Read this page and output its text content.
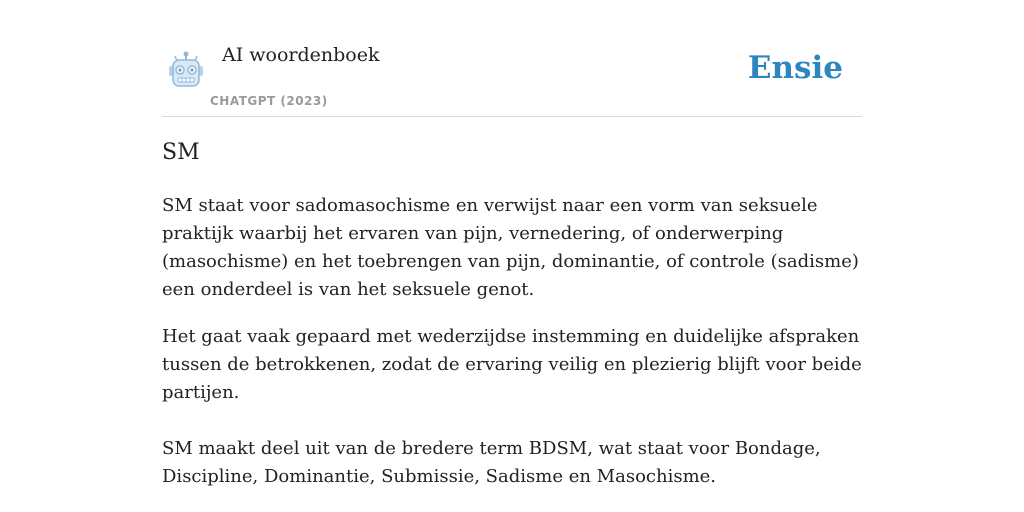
AI woordenboek
CHATGPT (2023)
Ensie
SM

SM staat voor sadomasochisme en verwijst naar een vorm van seksuele praktijk waarbij het ervaren van pijn, vernedering, of onderwerping (masochisme) en het toebrengen van pijn, dominantie, of controle (sadisme) een onderdeel is van het seksuele genot.

Het gaat vaak gepaard met wederzijdse instemming en duidelijke afspraken tussen de betrokkenen, zodat de ervaring veilig en plezierig blijft voor beide partijen.

SM maakt deel uit van de bredere term BDSM, wat staat voor Bondage, Discipline, Dominantie, Submissie, Sadisme en Masochisme.
